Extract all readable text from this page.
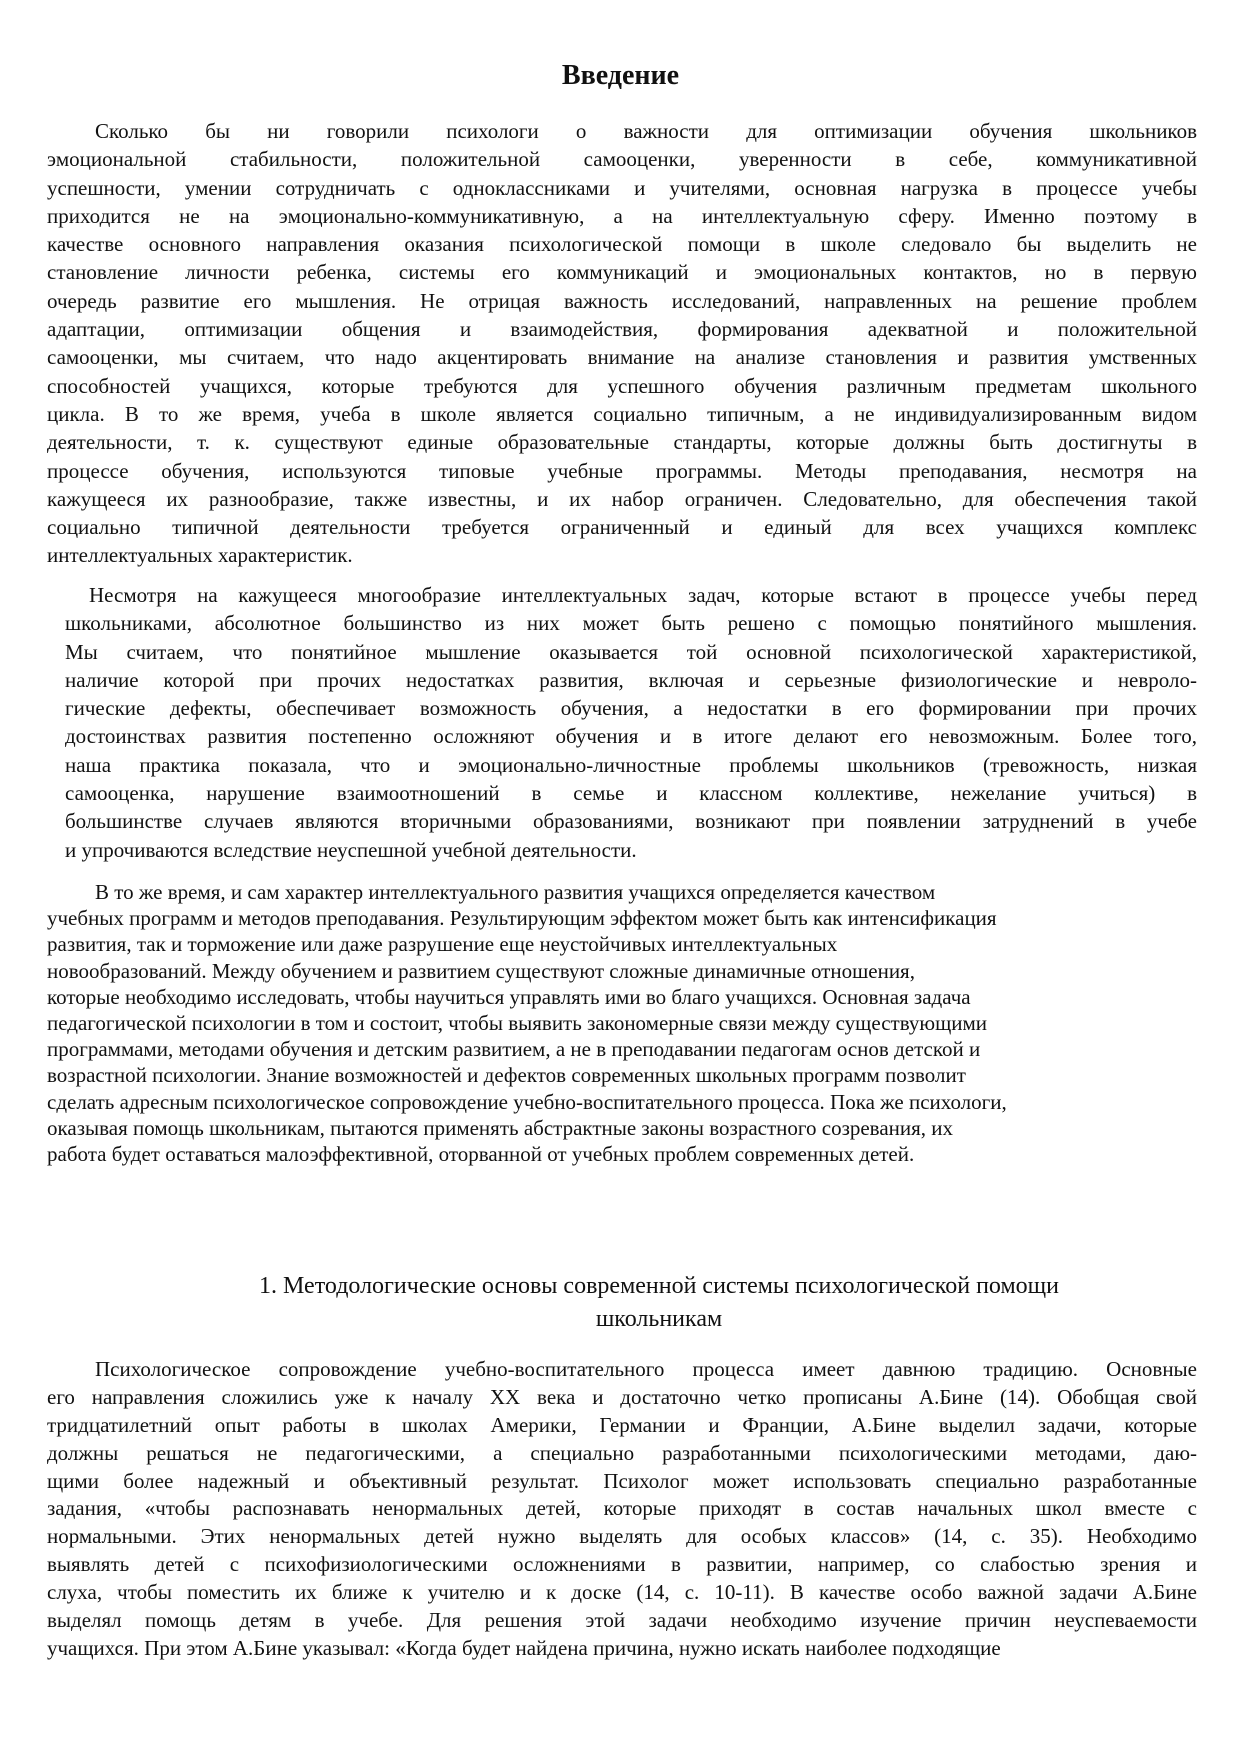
Введение
Сколько бы ни говорили психологи о важности для оптимизации обучения школьников
эмоциональной стабильности, положительной самооценки, уверенности в себе, коммуникативной
успешности, умении сотрудничать с одноклассниками и учителями, основная нагрузка в процессе учебы
приходится не на эмоционально-коммуникативную, а на интеллектуальную сферу. Именно поэтому в
качестве основного направления оказания психологической помощи в школе следовало бы выделить не
становление личности ребенка, системы его коммуникаций и эмоциональных контактов, но в первую
очередь развитие его мышления. Не отрицая важность исследований, направленных на решение проблем
адаптации, оптимизации общения и взаимодействия, формирования адекватной и положительной
самооценки, мы считаем, что надо акцентировать внимание на анализе становления и развития умственных
способностей учащихся, которые требуются для успешного обучения различным предметам школьного
цикла. В то же время, учеба в школе является социально типичным, а не индивидуализированным видом
деятельности, т. к. существуют единые образовательные стандарты, которые должны быть достигнуты в
процессе обучения, используются типовые учебные программы. Методы преподавания, несмотря на
кажущееся их разнообразие, также известны, и их набор ограничен. Следовательно, для обеспечения такой
социально типичной деятельности требуется ограниченный и единый для всех учащихся комплекс
интеллектуальных характеристик.
Несмотря на кажущееся многообразие интеллектуальных задач, которые встают в процессе учебы перед
школьниками, абсолютное большинство из них может быть решено с помощью понятийного мышления.
Мы считаем, что понятийное мышление оказывается той основной психологической характеристикой,
наличие которой при прочих недостатках развития, включая и серьезные физиологические и невроло-
гические дефекты, обеспечивает возможность обучения, а недостатки в его формировании при прочих
достоинствах развития постепенно осложняют обучения и в итоге делают его невозможным. Более того,
наша практика показала, что и эмоционально-личностные проблемы школьников (тревожность, низкая
самооценка, нарушение взаимоотношений в семье и классном коллективе, нежелание учиться) в
большинстве случаев являются вторичными образованиями, возникают при появлении затруднений в учебе
и упрочиваются вследствие неуспешной учебной деятельности.
В то же время, и сам характер интеллектуального развития учащихся определяется качеством
учебных программ и методов преподавания. Результирующим эффектом может быть как интенсификация
развития, так и торможение или даже разрушение еще неустойчивых интеллектуальных
новообразований. Между обучением и развитием существуют сложные динамичные отношения,
которые необходимо исследовать, чтобы научиться управлять ими во благо учащихся. Основная задача
педагогической психологии в том и состоит, чтобы выявить закономерные связи между существующими
программами, методами обучения и детским развитием, а не в преподавании педагогам основ детской и
возрастной психологии. Знание возможностей и дефектов современных школьных программ позволит
сделать адресным психологическое сопровождение учебно-воспитательного процесса. Пока же психологи,
оказывая помощь школьникам, пытаются применять абстрактные законы возрастного созревания, их
работа будет оставаться малоэффективной, оторванной от учебных проблем современных детей.
1. Методологические основы современной системы психологической помощи
школьникам
Психологическое сопровождение учебно-воспитательного процесса имеет давнюю традицию. Основные
его направления сложились уже к началу XX века и достаточно четко прописаны А.Бине (14). Обобщая свой
тридцатилетний опыт работы в школах Америки, Германии и Франции, А.Бине выделил задачи, которые
должны решаться не педагогическими, а специально разработанными психологическими методами, даю-
щими более надежный и объективный результат. Психолог может использовать специально разработанные
задания, «чтобы распознавать ненормальных детей, которые приходят в состав начальных школ вместе с
нормальными. Этих ненормальных детей нужно выделять для особых классов» (14, с. 35). Необходимо
выявлять детей с психофизиологическими осложнениями в развитии, например, со слабостью зрения и
слуха, чтобы поместить их ближе к учителю и к доске (14, с. 10-11). В качестве особо важной задачи А.Бине
выделял помощь детям в учебе. Для решения этой задачи необходимо изучение причин неуспеваемости
учащихся. При этом А.Бине указывал: «Когда будет найдена причина, нужно искать наиболее подходящие
